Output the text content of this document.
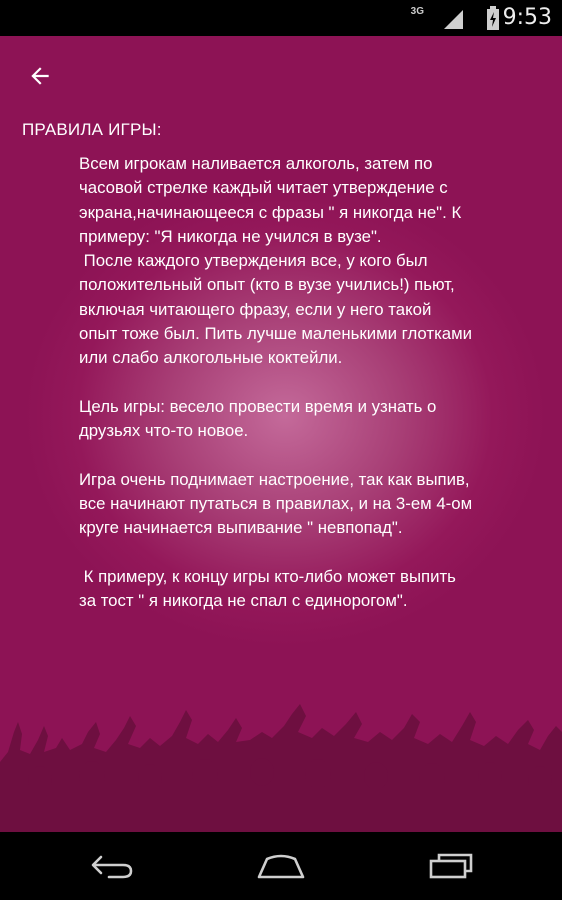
3G	9:53
ПРАВИЛА ИГРЫ:

Всем игрокам наливается алкоголь, затем по
часовой стрелке каждый читает утверждение с
экрана,начинающееся с фразы " я никогда не". К
примеру: "Я никогда не учился в вузе".
После каждого утверждения все, у кого был
положительный опыт (кто в вузе учились!) пьют,
включая читающего фразу, если у него такой
опыт тоже был. Пить лучше маленькими глотками
или слабо алкогольные коктейли.

Цель игры: весело провести время и узнать о
друзьях что-то новое.

Игра очень поднимает настроение, так как выпив,
все начинают путаться в правилах, и на 3-ем 4-ом
круге начинается выпивание " невпопад".

К примеру, к концу игры кто-либо может выпить
за тост " я никогда не спал с единорогом".
